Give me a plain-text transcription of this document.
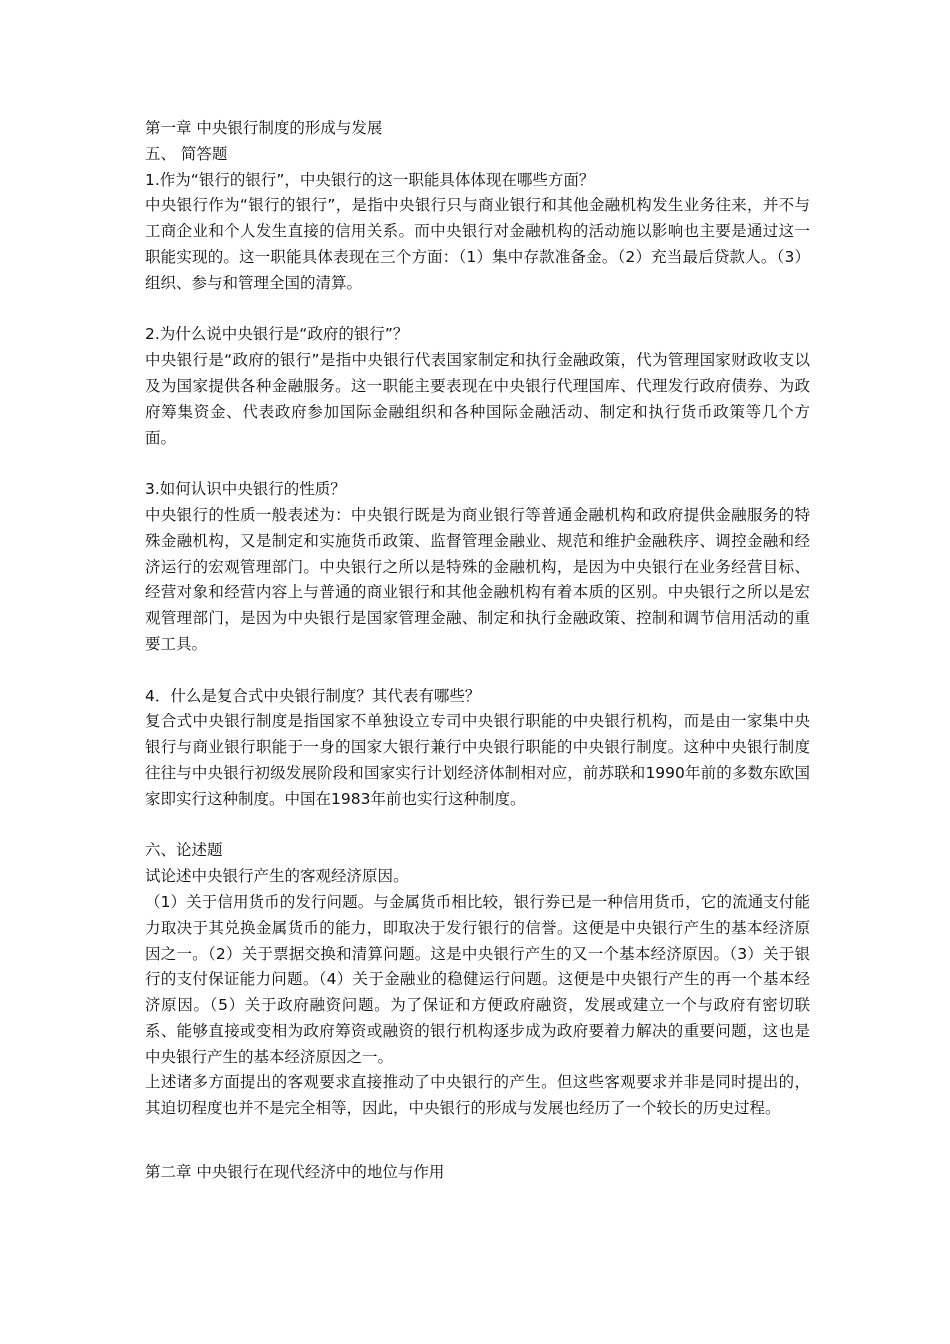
第一章 中央银行制度的形成与发展

五、 简答题

1.作为“银行的银行”，中央银行的这一职能具体体现在哪些方面？

中央银行作为“银行的银行”，是指中央银行只与商业银行和其他金融机构发生业务往来，并不与工商企业和个人发生直接的信用关系。而中央银行对金融机构的活动施以影响也主要是通过这一职能实现的。这一职能具体表现在三个方面：（1）集中存款准备金。（2）充当最后贷款人。（3）组织、参与和管理全国的清算。

2.为什么说中央银行是“政府的银行”？

中央银行是“政府的银行”是指中央银行代表国家制定和执行金融政策，代为管理国家财政收支以及为国家提供各种金融服务。这一职能主要表现在中央银行代理国库、代理发行政府债券、为政府筹集资金、代表政府参加国际金融组织和各种国际金融活动、制定和执行货币政策等几个方面。

3.如何认识中央银行的性质？

中央银行的性质一般表述为：中央银行既是为商业银行等普通金融机构和政府提供金融服务的特殊金融机构，又是制定和实施货币政策、监督管理金融业、规范和维护金融秩序、调控金融和经济运行的宏观管理部门。中央银行之所以是特殊的金融机构，是因为中央银行在业务经营目标、经营对象和经营内容上与普通的商业银行和其他金融机构有着本质的区别。中央银行之所以是宏观管理部门，是因为中央银行是国家管理金融、制定和执行金融政策、控制和调节信用活动的重要工具。

4．什么是复合式中央银行制度？其代表有哪些？

复合式中央银行制度是指国家不单独设立专司中央银行职能的中央银行机构，而是由一家集中央银行与商业银行职能于一身的国家大银行兼行中央银行职能的中央银行制度。这种中央银行制度往往与中央银行初级发展阶段和国家实行计划经济体制相对应，前苏联和1990年前的多数东欧国家即实行这种制度。中国在1983年前也实行这种制度。

六、论述题

试论述中央银行产生的客观经济原因。

（1）关于信用货币的发行问题。与金属货币相比较，银行券已是一种信用货币，它的流通支付能力取决于其兑换金属货币的能力，即取决于发行银行的信誉。这便是中央银行产生的基本经济原因之一。（2）关于票据交换和清算问题。这是中央银行产生的又一个基本经济原因。（3）关于银行的支付保证能力问题。（4）关于金融业的稳健运行问题。这便是中央银行产生的再一个基本经济原因。（5）关于政府融资问题。为了保证和方便政府融资，发展或建立一个与政府有密切联系、能够直接或变相为政府筹资或融资的银行机构逐步成为政府要着力解决的重要问题，这也是中央银行产生的基本经济原因之一。

上述诸多方面提出的客观要求直接推动了中央银行的产生。但这些客观要求并非是同时提出的，其迫切程度也并不是完全相等，因此，中央银行的形成与发展也经历了一个较长的历史过程。

第二章 中央银行在现代经济中的地位与作用
